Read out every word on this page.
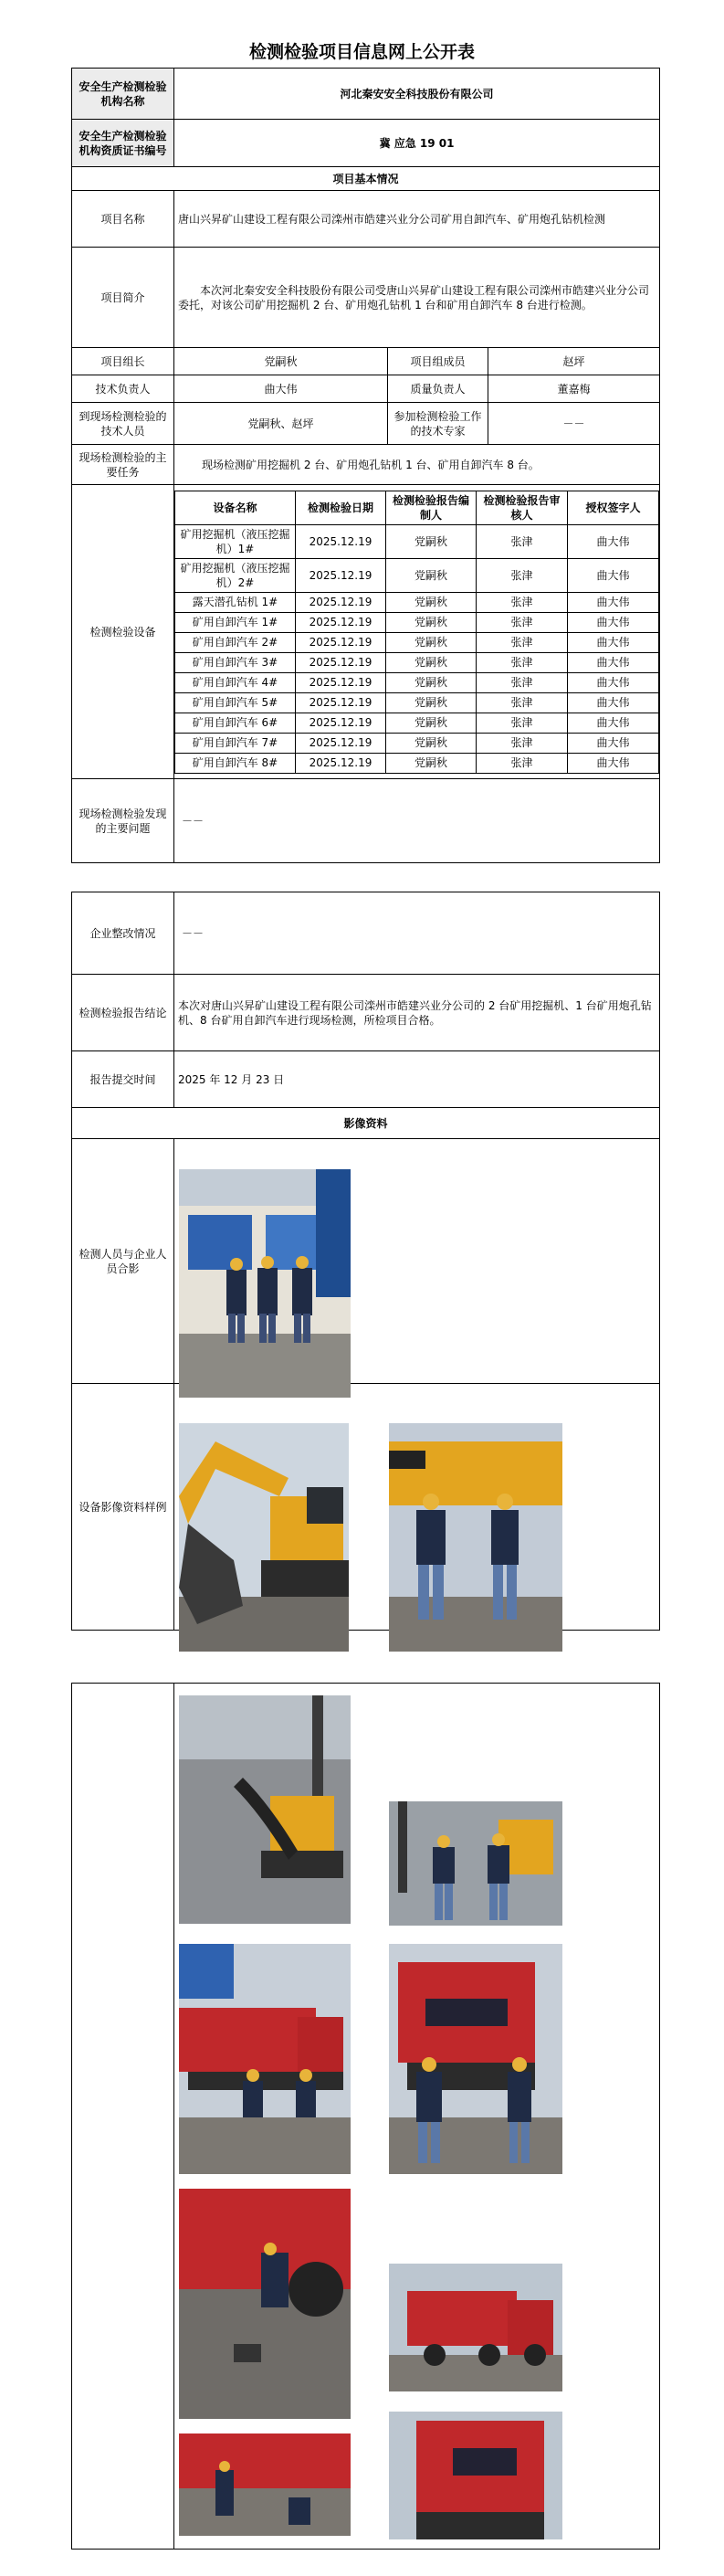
检测检验项目信息网上公开表
安全生产检测检验机构名称	河北秦安安全科技股份有限公司
安全生产检测检验机构资质证书编号	冀 应急 19 01
项目基本情况
项目名称	唐山兴昇矿山建设工程有限公司滦州市皓建兴业分公司矿用自卸汽车、矿用炮孔钻机检测
项目简介	本次河北秦安安全科技股份有限公司受唐山兴昇矿山建设工程有限公司滦州市皓建兴业分公司委托，对该公司矿用挖掘机 2 台、矿用炮孔钻机 1 台和矿用自卸汽车 8 台进行检测。
项目组长	党嗣秋	项目组成员	赵坪
技术负责人	曲大伟	质量负责人	董嘉梅
到现场检测检验的技术人员	党嗣秋、赵坪	参加检测检验工作的技术专家	－－
现场检测检验的主要任务	现场检测矿用挖掘机 2 台、矿用炮孔钻机 1 台、矿用自卸汽车 8 台。
检测检验设备	
设备名称	检测检验日期	检测检验报告编制人	检测检验报告审核人	授权签字人
矿用挖掘机（液压挖掘机）1#	2025.12.19	党嗣秋	张津	曲大伟
矿用挖掘机（液压挖掘机）2#	2025.12.19	党嗣秋	张津	曲大伟
露天潜孔钻机 1#	2025.12.19	党嗣秋	张津	曲大伟
矿用自卸汽车 1#	2025.12.19	党嗣秋	张津	曲大伟
矿用自卸汽车 2#	2025.12.19	党嗣秋	张津	曲大伟
矿用自卸汽车 3#	2025.12.19	党嗣秋	张津	曲大伟
矿用自卸汽车 4#	2025.12.19	党嗣秋	张津	曲大伟
矿用自卸汽车 5#	2025.12.19	党嗣秋	张津	曲大伟
矿用自卸汽车 6#	2025.12.19	党嗣秋	张津	曲大伟
矿用自卸汽车 7#	2025.12.19	党嗣秋	张津	曲大伟
矿用自卸汽车 8#	2025.12.19	党嗣秋	张津	曲大伟

现场检测检验发现的主要问题	－－
企业整改情况	－－
检测检验报告结论	本次对唐山兴昇矿山建设工程有限公司滦州市皓建兴业分公司的 2 台矿用挖掘机、1 台矿用炮孔钻机、8 台矿用自卸汽车进行现场检测，所检项目合格。
报告提交时间	2025 年 12 月 23 日
影像资料	
检测人员与企业人员合影	
设备影像资料样例	
